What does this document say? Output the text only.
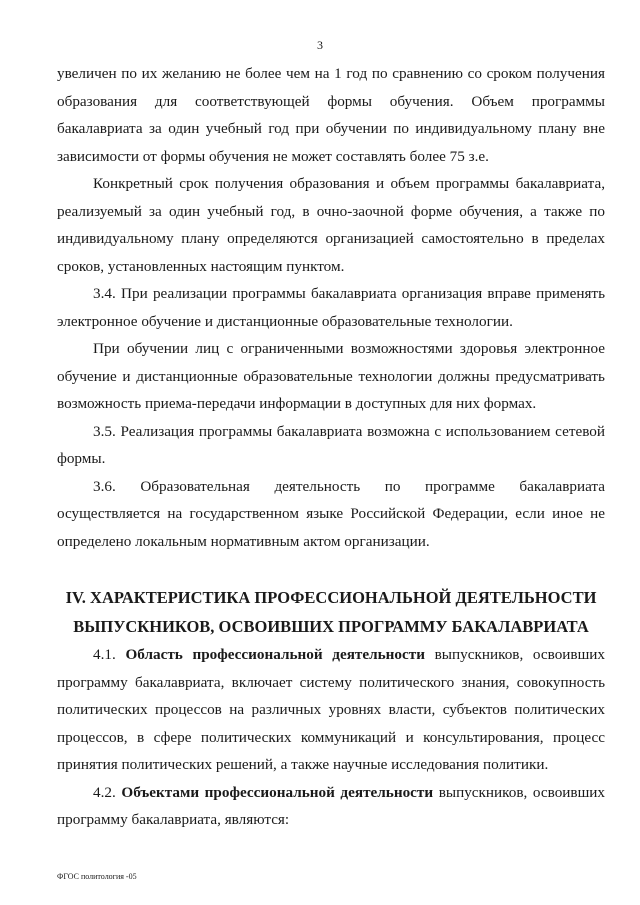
3

увеличен по их желанию не более чем на 1 год по сравнению со сроком получения образования для соответствующей формы обучения. Объем программы бакалавриата за один учебный год при обучении по индивидуальному плану вне зависимости от формы обучения не может составлять более 75 з.е.

Конкретный срок получения образования и объем программы бакалавриата, реализуемый за один учебный год, в очно-заочной форме обучения, а также по индивидуальному плану определяются организацией самостоятельно в пределах сроков, установленных настоящим пунктом.

3.4. При реализации программы бакалавриата организация вправе применять электронное обучение и дистанционные образовательные технологии.

При обучении лиц с ограниченными возможностями здоровья электронное обучение и дистанционные образовательные технологии должны предусматривать возможность приема-передачи информации в доступных для них формах.

3.5. Реализация программы бакалавриата возможна с использованием сетевой формы.

3.6. Образовательная деятельность по программе бакалавриата осуществляется на государственном языке Российской Федерации, если иное не определено локальным нормативным актом организации.

IV. ХАРАКТЕРИСТИКА ПРОФЕССИОНАЛЬНОЙ ДЕЯТЕЛЬНОСТИ
ВЫПУСКНИКОВ, ОСВОИВШИХ ПРОГРАММУ БАКАЛАВРИАТА

4.1. Область профессиональной деятельности выпускников, освоивших программу бакалавриата, включает систему политического знания, совокупность политических процессов на различных уровнях власти, субъектов политических процессов, в сфере политических коммуникаций и консультирования, процесс принятия политических решений, а также научные исследования политики.

4.2. Объектами профессиональной деятельности выпускников, освоивших программу бакалавриата, являются:

ФГОС политология -05
